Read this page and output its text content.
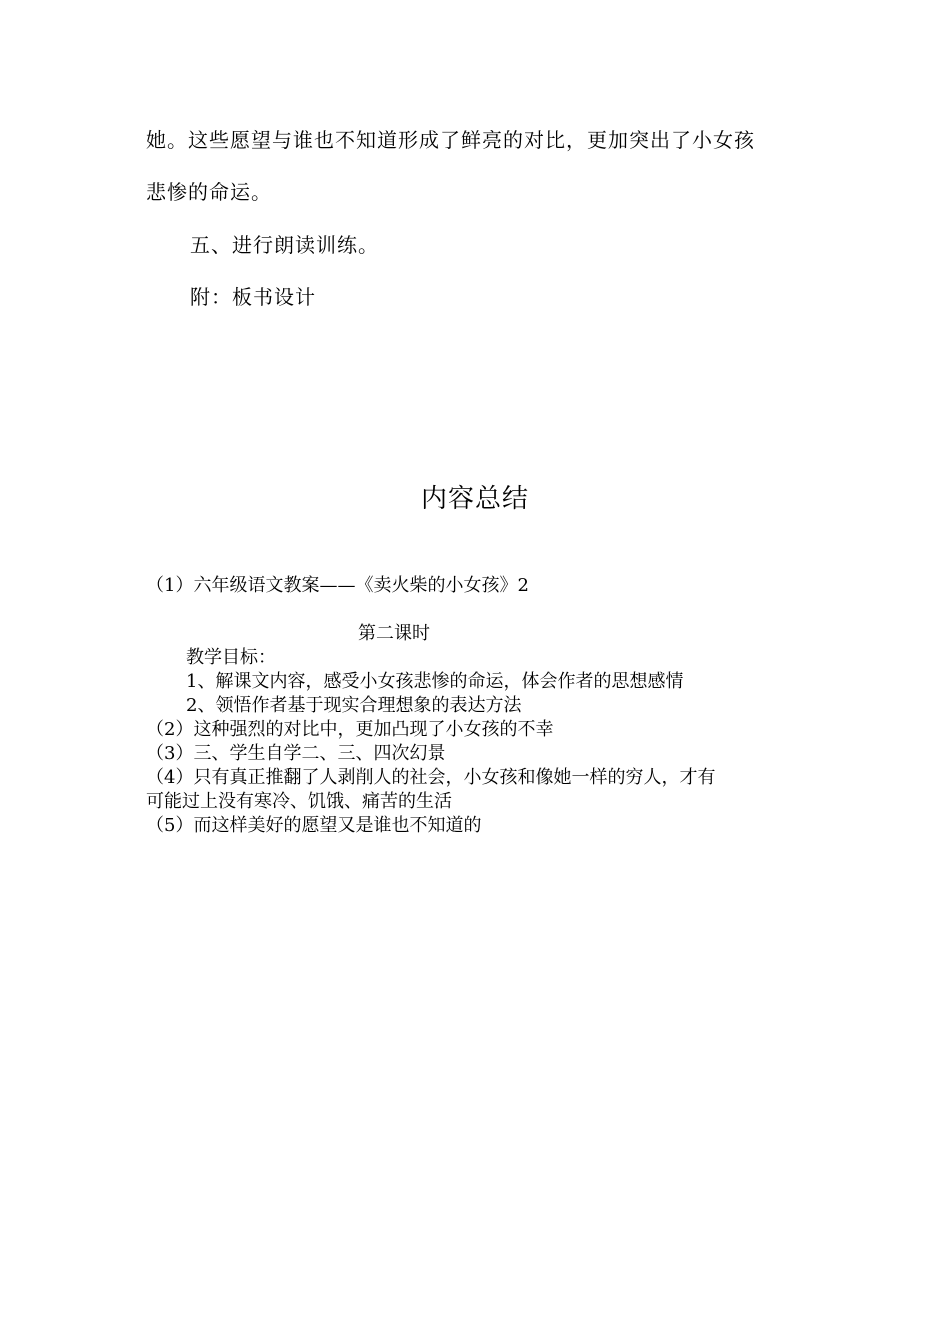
她。这些愿望与谁也不知道形成了鲜亮的对比，更加突出了小女孩
悲惨的命运。
五、进行朗读训练。
附：板书设计
内容总结
（1）六年级语文教案——《卖火柴的小女孩》2
第二课时
教学目标：
1、解课文内容，感受小女孩悲惨的命运，体会作者的思想感情
2、领悟作者基于现实合理想象的表达方法
（2）这种强烈的对比中，更加凸现了小女孩的不幸
（3）三、学生自学二、三、四次幻景
（4）只有真正推翻了人剥削人的社会，小女孩和像她一样的穷人，才有
可能过上没有寒冷、饥饿、痛苦的生活
（5）而这样美好的愿望又是谁也不知道的
